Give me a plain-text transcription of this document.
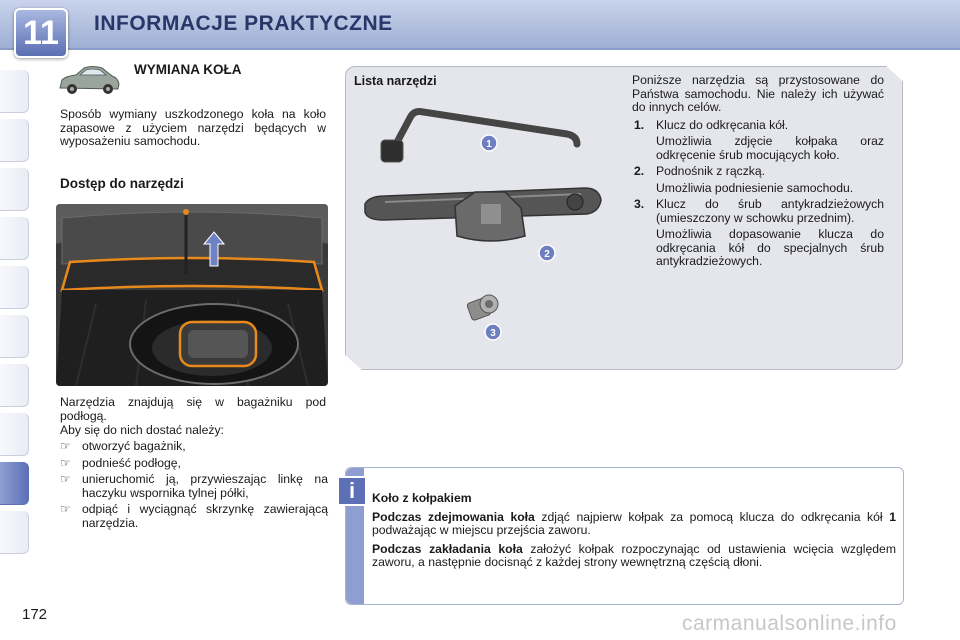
11	INFORMACJE PRAKTYCZNE
WYMIANA KOŁA
Sposób wymiany uszkodzonego koła na koło zapasowe z użyciem narzędzi będących w wyposażeniu samochodu.
Dostęp do narzędzi
Narzędzia znajdują się w bagażniku pod podłogą.
Aby się do nich dostać należy:
☞ otworzyć bagażnik,
☞ podnieść podłogę,
☞ unieruchomić ją, przywieszając linkę na haczyku wspornika tylnej półki,
☞ odpiąć i wyciągnąć skrzynkę zawierającą narzędzia.
Lista narzędzi
1
2
3
Poniższe narzędzia są przystosowane do Państwa samochodu. Nie należy ich używać do innych celów.
1. Klucz do odkręcania kół.
Umożliwia zdjęcie kołpaka oraz odkręcenie śrub mocujących koło.
2. Podnośnik z rączką.
Umożliwia podniesienie samochodu.
3. Klucz do śrub antykradzieżowych (umieszczony w schowku przednim).
Umożliwia dopasowanie klucza do odkręcania kół do specjalnych śrub antykradzieżowych.
i	Koło z kołpakiem

Podczas zdejmowania koła zdjąć najpierw kołpak za pomocą klucza do odkręcania kół 1 podważając w miejscu przejścia zaworu.

Podczas zakładania koła założyć kołpak rozpoczynając od ustawienia wcięcia względem zaworu, a następnie docisnąć z każdej strony wewnętrzną częścią dłoni.

172	carmanualsonline.info
